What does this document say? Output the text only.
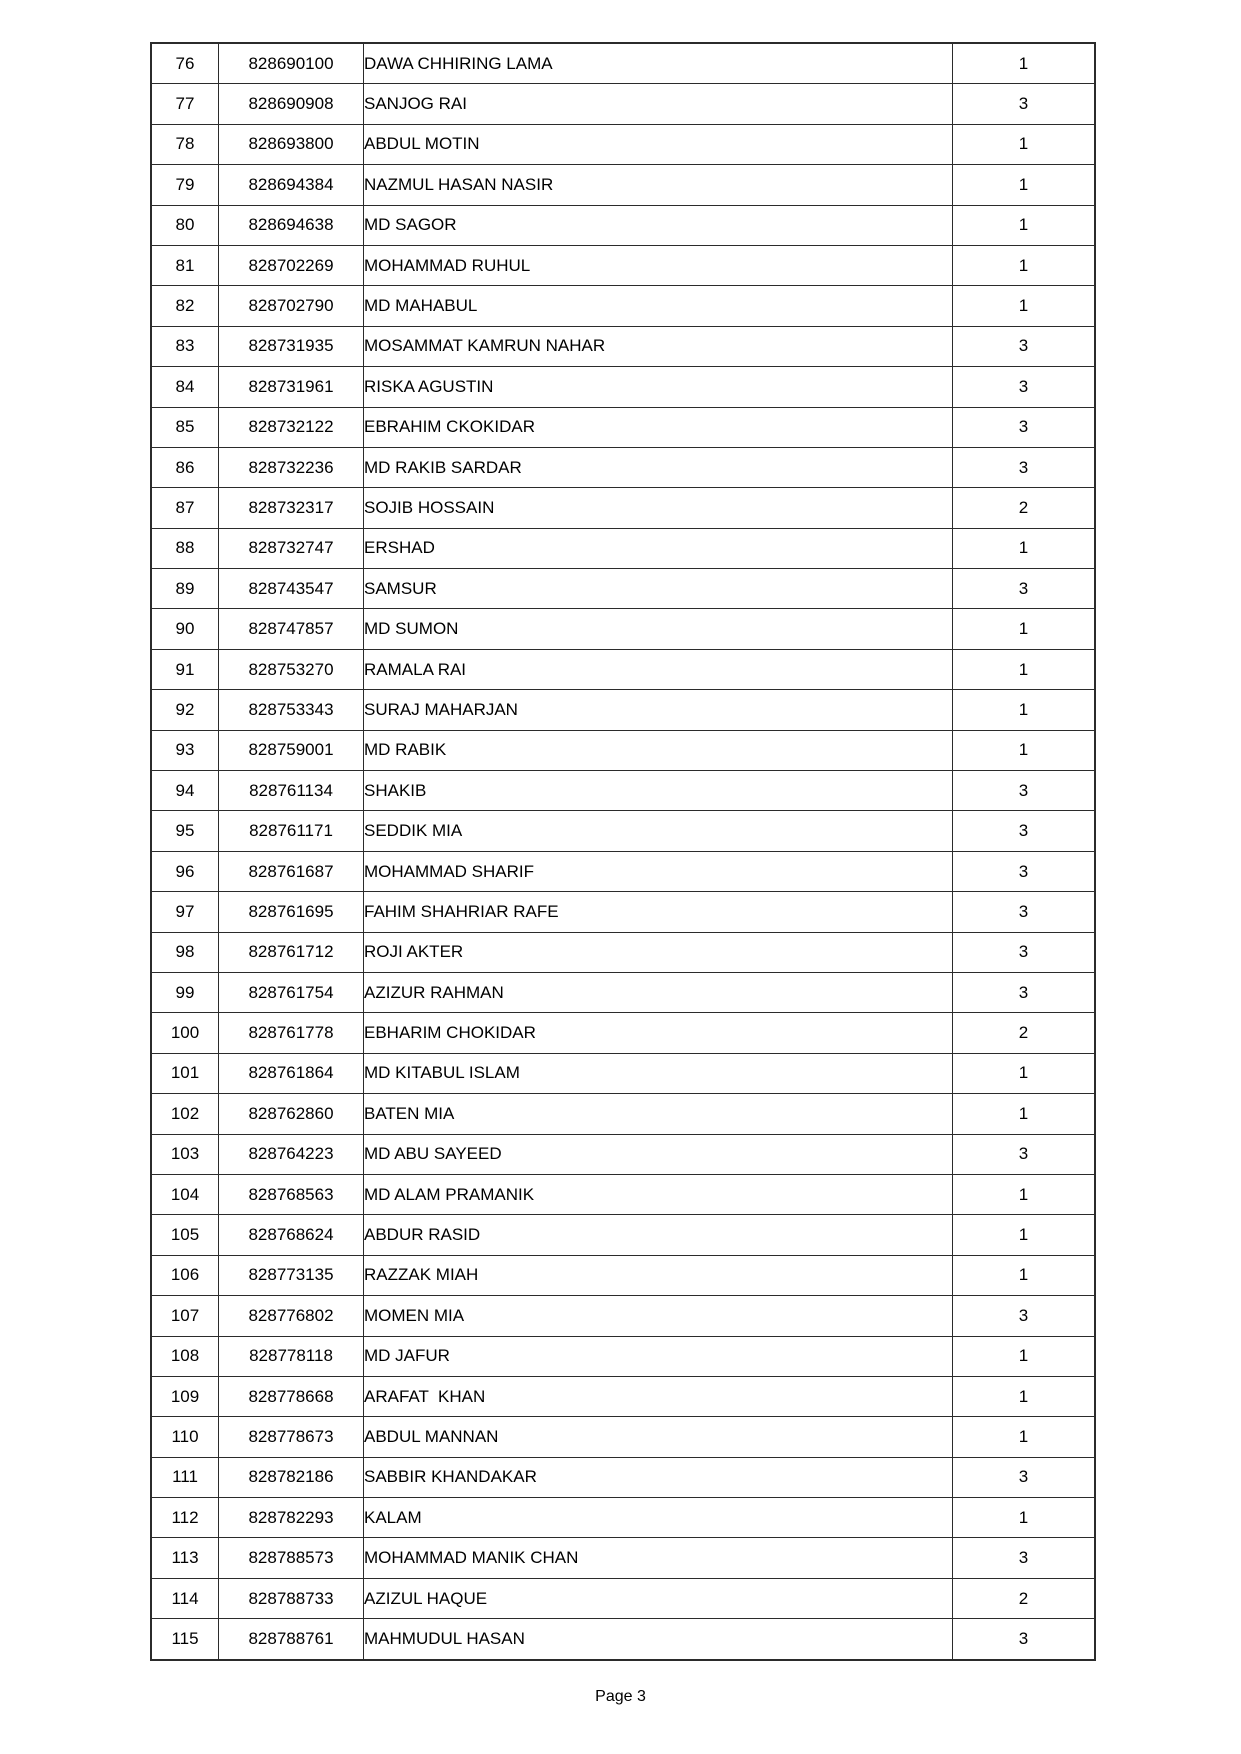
76	828690100	DAWA CHHIRING LAMA	1
77	828690908	SANJOG RAI	3
78	828693800	ABDUL MOTIN	1
79	828694384	NAZMUL HASAN NASIR	1
80	828694638	MD SAGOR	1
81	828702269	MOHAMMAD RUHUL	1
82	828702790	MD MAHABUL	1
83	828731935	MOSAMMAT KAMRUN NAHAR	3
84	828731961	RISKA AGUSTIN	3
85	828732122	EBRAHIM CKOKIDAR	3
86	828732236	MD RAKIB SARDAR	3
87	828732317	SOJIB HOSSAIN	2
88	828732747	ERSHAD	1
89	828743547	SAMSUR	3
90	828747857	MD SUMON	1
91	828753270	RAMALA RAI	1
92	828753343	SURAJ MAHARJAN	1
93	828759001	MD RABIK	1
94	828761134	SHAKIB	3
95	828761171	SEDDIK MIA	3
96	828761687	MOHAMMAD SHARIF	3
97	828761695	FAHIM SHAHRIAR RAFE	3
98	828761712	ROJI AKTER	3
99	828761754	AZIZUR RAHMAN	3
100	828761778	EBHARIM CHOKIDAR	2
101	828761864	MD KITABUL ISLAM	1
102	828762860	BATEN MIA	1
103	828764223	MD ABU SAYEED	3
104	828768563	MD ALAM PRAMANIK	1
105	828768624	ABDUR RASID	1
106	828773135	RAZZAK MIAH	1
107	828776802	MOMEN MIA	3
108	828778118	MD JAFUR	1
109	828778668	ARAFAT  KHAN	1
110	828778673	ABDUL MANNAN	1
111	828782186	SABBIR KHANDAKAR	3
112	828782293	KALAM	1
113	828788573	MOHAMMAD MANIK CHAN	3
114	828788733	AZIZUL HAQUE	2
115	828788761	MAHMUDUL HASAN	3
Page 3
